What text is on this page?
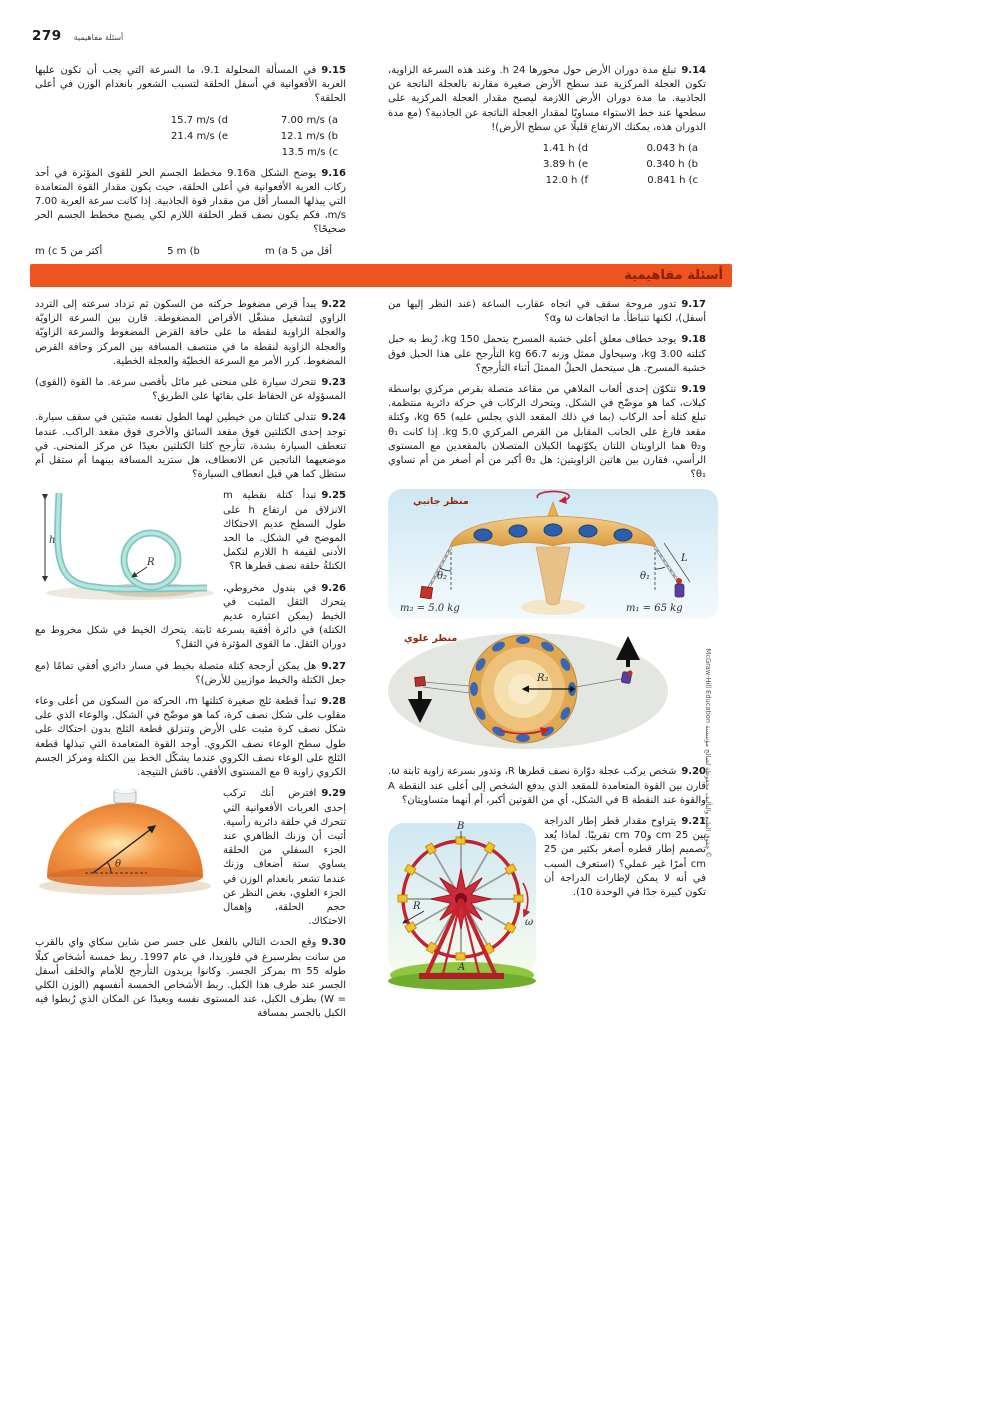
279 أسئلة مفاهيمية

9.15في المسألة المحلولة 9.1، ما السرعة التي يجب أن تكون عليها العربة الأفعوانية في أسفل الحلقة لتسبب الشعور بانعدام الوزن في أعلى الحلقة؟

7.00 m/s (a
15.7 m/s (d
12.1 m/s (b
21.4 m/s (e
13.5 m/s (c

9.16يوضح الشكل 9.16a مخطط الجسم الحر للقوى المؤثرة في أحد ركاب العربة الأفعوانية في أعلى الحلقة، حيث يكون مقدار القوة المتعامدة التي يبذلها المسار أقل من مقدار قوة الجاذبية. إذا كانت سرعة العربة 7.00 m/s، فكم يكون نصف قطر الحلقة اللازم لكي يصبح مخطط الجسم الحر صحيحًا؟

أقل من 5 m (a
5 m (b
أكثر من 5 m (c

9.14تبلغ مدة دوران الأرض حول محورها 24 h. وعند هذه السرعة الزاوية، تكون العجلة المركزية عند سطح الأرض صغيرة مقارنة بالعجلة الناتجة عن الجاذبية. ما مدة دوران الأرض اللازمة ليصبح مقدار العجلة المركزية على سطحها عند خط الاستواء مساويًا لمقدار العجلة الناتجة عن الجاذبية؟ (مع مدة الدوران هذه، يمكنك الارتفاع قليلًا عن سطح الأرض)!

0.043 h (a
1.41 h (d
0.340 h (b
3.89 h (e
0.841 h (c
12.0 h (f
أسئلة مفاهيمية

9.22يبدأ قرص مضغوط حركته من السكون ثم تزداد سرعته إلى التردد الزاوي لتشغيل مشغّل الأقراص المضغوطة. قارن بين السرعة الزاويّة والعجلة الزاوية لنقطة ما على حافة القرص المضغوط والسرعة الزاويّة والعجلة الزاوية لنقطة ما في منتصف المسافة بين المركز وحافة القرص المضغوط. كرر الأمر مع السرعة الخطيّة والعجلة الخطية.

9.23تتحرك سيارة على منحنى غير مائل بأقصى سرعة. ما القوة (القوى) المسؤولة عن الحفاظ على بقائها على الطريق؟

9.24تتدلى كتلتان من خيطين لهما الطول نفسه مثبتين في سقف سيارة. توجد إحدى الكتلتين فوق مقعد السائق والأخرى فوق مقعد الراكب. عندما تنعطف السيارة بشدة، تتأرجح كلتا الكتلتين بعيدًا عن مركز المنحنى. في موضعيهما الناتجين عن الانعطاف، هل ستزيد المسافة بينهما أم ستقل أم ستظل كما هي قبل انعطاف السيارة؟

R
h

9.25تبدأ كتلة نقطية m الانزلاق من ارتفاع h على طول السطح عديم الاحتكاك الموضح في الشكل. ما الحد الأدنى لقيمة h اللازم لتكمل الكتلةُ حلقة نصف قطرها R؟

9.26في بندول مخروطي، يتحرك الثقل المثبت في الخيط (يمكن اعتباره عديم الكتلة) في دائرة أفقية بسرعة ثابتة. يتحرك الخيط في شكل مخروط مع دوران الثقل. ما القوى المؤثرة في الثقل؟

9.27هل يمكن أرجحة كتلة متصلة بخيط في مسار دائري أفقي تمامًا (مع جعل الكتلة والخيط موازيين للأرض)؟

9.28تبدأ قطعة ثلج صغيرة كتلتها m، الحركة من السكون من أعلى وعاء مقلوب على شكل نصف كرة، كما هو موضّح في الشكل. والوعاء الذي على شكل نصف كرة مثبت على الأرض وتنزلق قطعة الثلج بدون احتكاك على طول سطح الوعاء نصف الكروي. أوجد القوة المتعامدة التي تبذلها قطعة الثلج على الوعاء نصف الكروي عندما يشكّل الخط بين الكتلة ومركز الجسم الكروي زاوية θ مع المستوى الأفقي. ناقش النتيجة.

θ

9.29افترض أنك تركب إحدى العربات الأفعوانية التي تتحرك في حلقة دائرية رأسية. أثبت أن وزنك الظاهري عند الجزء السفلي من الحلقة يساوي ستة أضعاف وزنك عندما تشعر بانعدام الوزن في الجزء العلوي، بغض النظر عن حجم الحلقة، وإهمال الاحتكاك.

9.30وقع الحدث التالي بالفعل على جسر صن شاين سكاي واي بالقرب من سانت بطرسبرغ في فلوريدا، في عام 1997. ربط خمسة أشخاص كبلًا طوله 55 m بمركز الجسر. وكانوا يريدون التأرجح للأمام والخلف أسفل الجسر عند طرف هذا الكبل. ربط الأشخاص الخمسة أنفسهم (الوزن الكلي = W) بطرف الكبل، عند المستوى نفسه وبعيدًا عن المكان الذي رُبطوا فيه الكبل بالجسر بمسافة

9.17تدور مروحة سقف في اتجاه عقارب الساعة (عند النظر إليها من أسفل)، لكنها تتباطأ. ما اتجاهات ω وα؟

9.18يوجد خطاف معلق أعلى خشبة المسرح يتحمل 150 kg، رُبط به حبل كتلته 3.00 kg، وسيحاول ممثل وزنه 66.7 kg التأرجح على هذا الحبل فوق خشبة المسرح. هل سيتحمل الحبلُ الممثلَ أثناء التأرجح؟

9.19تتكوّن إحدى ألعاب الملاهي من مقاعد متصلة بقرص مركزي بواسطة كبلات، كما هو موضّح في الشكل. ويتحرك الركاب في حركة دائرية منتظمة. تبلغ كتلة أحد الركاب (بما في ذلك المقعد الذي يجلس عليه) 65 kg، وكتلة مقعد فارغ على الجانب المقابل من القرص المركزي 5.0 kg. إذا كانت θ₁ وθ₂ هما الزاويتان اللتان يكوّنهما الكبلان المتصلان بالمقعدين مع المستوى الرأسي، فقارن بين هاتين الزاويتين: هل θ₂ أكبر من أم أصغر من أم تساوي θ₁؟

θ₂	θ₁
L
m₂ = 5.0 kg	m₁ = 65 kg
منظر جانبي
R₂
منظر علوي

9.20شخص يركب عجلة دوّارة نصف قطرها R، وتدور بسرعة زاوية ثابتة ω. قارن بين القوة المتعامدة للمقعد الذي يدفع الشخص إلى أعلى عند النقطة A والقوة عند النقطة B في الشكل، أي من القوتين أكبر، أم أنهما متساويتان؟

R
ω
B
A

9.21يتراوح مقدار قطر إطار الدراجة بين 25 cm و70 cm تقريبًا. لماذا يُعد تصميم إطار قطره أصغر بكثير من 25 cm أمرًا غير عملي؟ (استعرف السبب في أنه لا يمكن لإطارات الدراجة أن تكون كبيرة جدًا في الوحدة 10).

© حقوق الطبع والتأليف محفوظة لصالح مؤسسة McGraw-Hill Education
